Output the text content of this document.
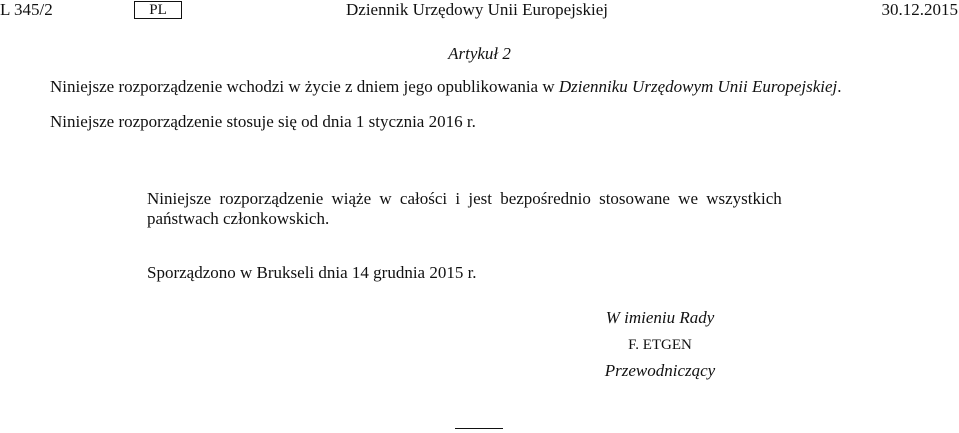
L 345/2	PL	Dziennik Urzędowy Unii Europejskiej	30.12.2015
Artykuł 2
Niniejsze rozporządzenie wchodzi w życie z dniem jego opublikowania w Dzienniku Urzędowym Unii Europejskiej.
Niniejsze rozporządzenie stosuje się od dnia 1 stycznia 2016 r.
Niniejsze rozporządzenie wiąże w całości i jest bezpośrednio stosowane we wszystkich
państwach członkowskich.
Sporządzono w Brukseli dnia 14 grudnia 2015 r.
W imieniu Rady
F. ETGEN
Przewodniczący
